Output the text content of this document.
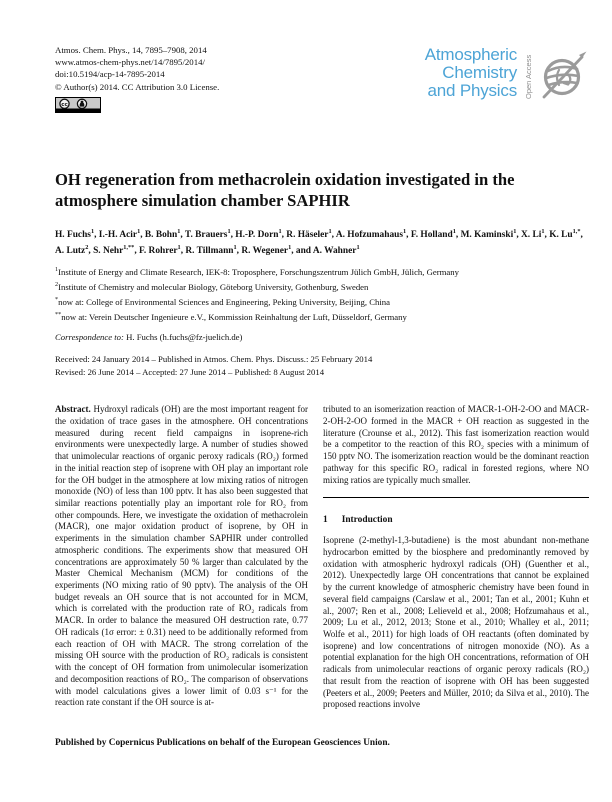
Atmos. Chem. Phys., 14, 7895–7908, 2014
www.atmos-chem-phys.net/14/7895/2014/
doi:10.5194/acp-14-7895-2014
© Author(s) 2014. CC Attribution 3.0 License.
cc
Atmospheric
Chemistry
and Physics Open Access
OH regeneration from methacrolein oxidation investigated in the atmosphere simulation chamber SAPHIR
H. Fuchs$^1$, I.-H. Acir$^1$, B. Bohn$^1$, T. Brauers$^1$, H.-P. Dorn$^1$, R. Häseler$^1$, A. Hofzumahaus$^1$, F. Holland$^1$, M. Kaminski$^1$, X. Li$^1$, K. $Lu^{1,*}$, A. Lutz$^2$, S. Nehr$^{1,**}$, F. Rohrer$^1$, R. Tillmann$^1$, R. Wegener$^1$, and A. Wahner$^1$
$^1$Institute of Energy and Climate Research, IEK-8: Troposphere, Forschungszentrum Jülich GmbH, Jülich, Germany
$^2$Institute of Chemistry and molecular Biology, Göteborg University, Gothenburg, Sweden
*now at: College of Environmental Sciences and Engineering, Peking University, Beijing, China
**now at: Verein Deutscher Ingenieure e.V., Kommission Reinhaltung der Luft, Düsseldorf, Germany
Correspondence to: H. Fuchs (h.fuchs@fz-juelich.de)
Received: 24 January 2014 – Published in Atmos. Chem. Phys. Discuss.: 25 February 2014
Revised: 26 June 2014 – Accepted: 27 June 2014 – Published: 8 August 2014

Abstract. Hydroxyl radicals (OH) are the most important reagent for the oxidation of trace gases in the atmosphere. OH concentrations measured during recent field campaigns in isoprene-rich environments were unexpectedly large. A number of studies showed that unimolecular reactions of organic peroxy radicals (RO₂) formed in the initial reaction step of isoprene with OH play an important role for the OH budget in the atmosphere at low mixing ratios of nitrogen monoxide (NO) of less than 100 pptv. It has also been suggested that similar reactions potentially play an important role for RO₂ from other compounds. Here, we investigate the oxidation of methacrolein (MACR), one major oxidation product of isoprene, by OH in experiments in the simulation chamber SAPHIR under controlled atmospheric conditions. The experiments show that measured OH concentrations are approximately 50 % larger than calculated by the Master Chemical Mechanism (MCM) for conditions of the experiments (NO mixing ratio of 90 pptv). The analysis of the OH budget reveals an OH source that is not accounted for in MCM, which is correlated with the production rate of RO₂ radicals from MACR. In order to balance the measured OH destruction rate, 0.77 OH radicals (1σ error: ± 0.31) need to be additionally reformed from each reaction of OH with MACR. The strong correlation of the missing OH source with the production of RO₂ radicals is consistent with the concept of OH formation from unimolecular isomerization and decomposition reactions of RO₂. The comparison of observations with model calculations gives a lower limit of 0.03 s⁻¹ for the reaction rate constant if the OH source is at-

tributed to an isomerization reaction of MACR-1-OH-2-OO and MACR-2-OH-2-OO formed in the MACR + OH reaction as suggested in the literature (Crounse et al., 2012). This fast isomerization reaction would be a competitor to the reaction of this RO₂ species with a minimum of 150 pptv NO. The isomerization reaction would be the dominant reaction pathway for this specific RO₂ radical in forested regions, where NO mixing ratios are typically much smaller.

1 Introduction

Isoprene (2-methyl-1,3-butadiene) is the most abundant non-methane hydrocarbon emitted by the biosphere and predominantly removed by oxidation with atmospheric hydroxyl radicals (OH) (Guenther et al., 2012). Unexpectedly large OH concentrations that cannot be explained by the current knowledge of atmospheric chemistry have been found in several field campaigns (Carslaw et al., 2001; Tan et al., 2001; Kuhn et al., 2007; Ren et al., 2008; Lelieveld et al., 2008; Hofzumahaus et al., 2009; Lu et al., 2012, 2013; Stone et al., 2010; Whalley et al., 2011; Wolfe et al., 2011) for high loads of OH reactants (often dominated by isoprene) and low concentrations of nitrogen monoxide (NO). As a potential explanation for the high OH concentrations, reformation of OH radicals from unimolecular reactions of organic peroxy radicals (RO₂) that result from the reaction of isoprene with OH has been suggested (Peeters et al., 2009; Peeters and Müller, 2010; da Silva et al., 2010). The proposed reactions involve

Published by Copernicus Publications on behalf of the European Geosciences Union.
